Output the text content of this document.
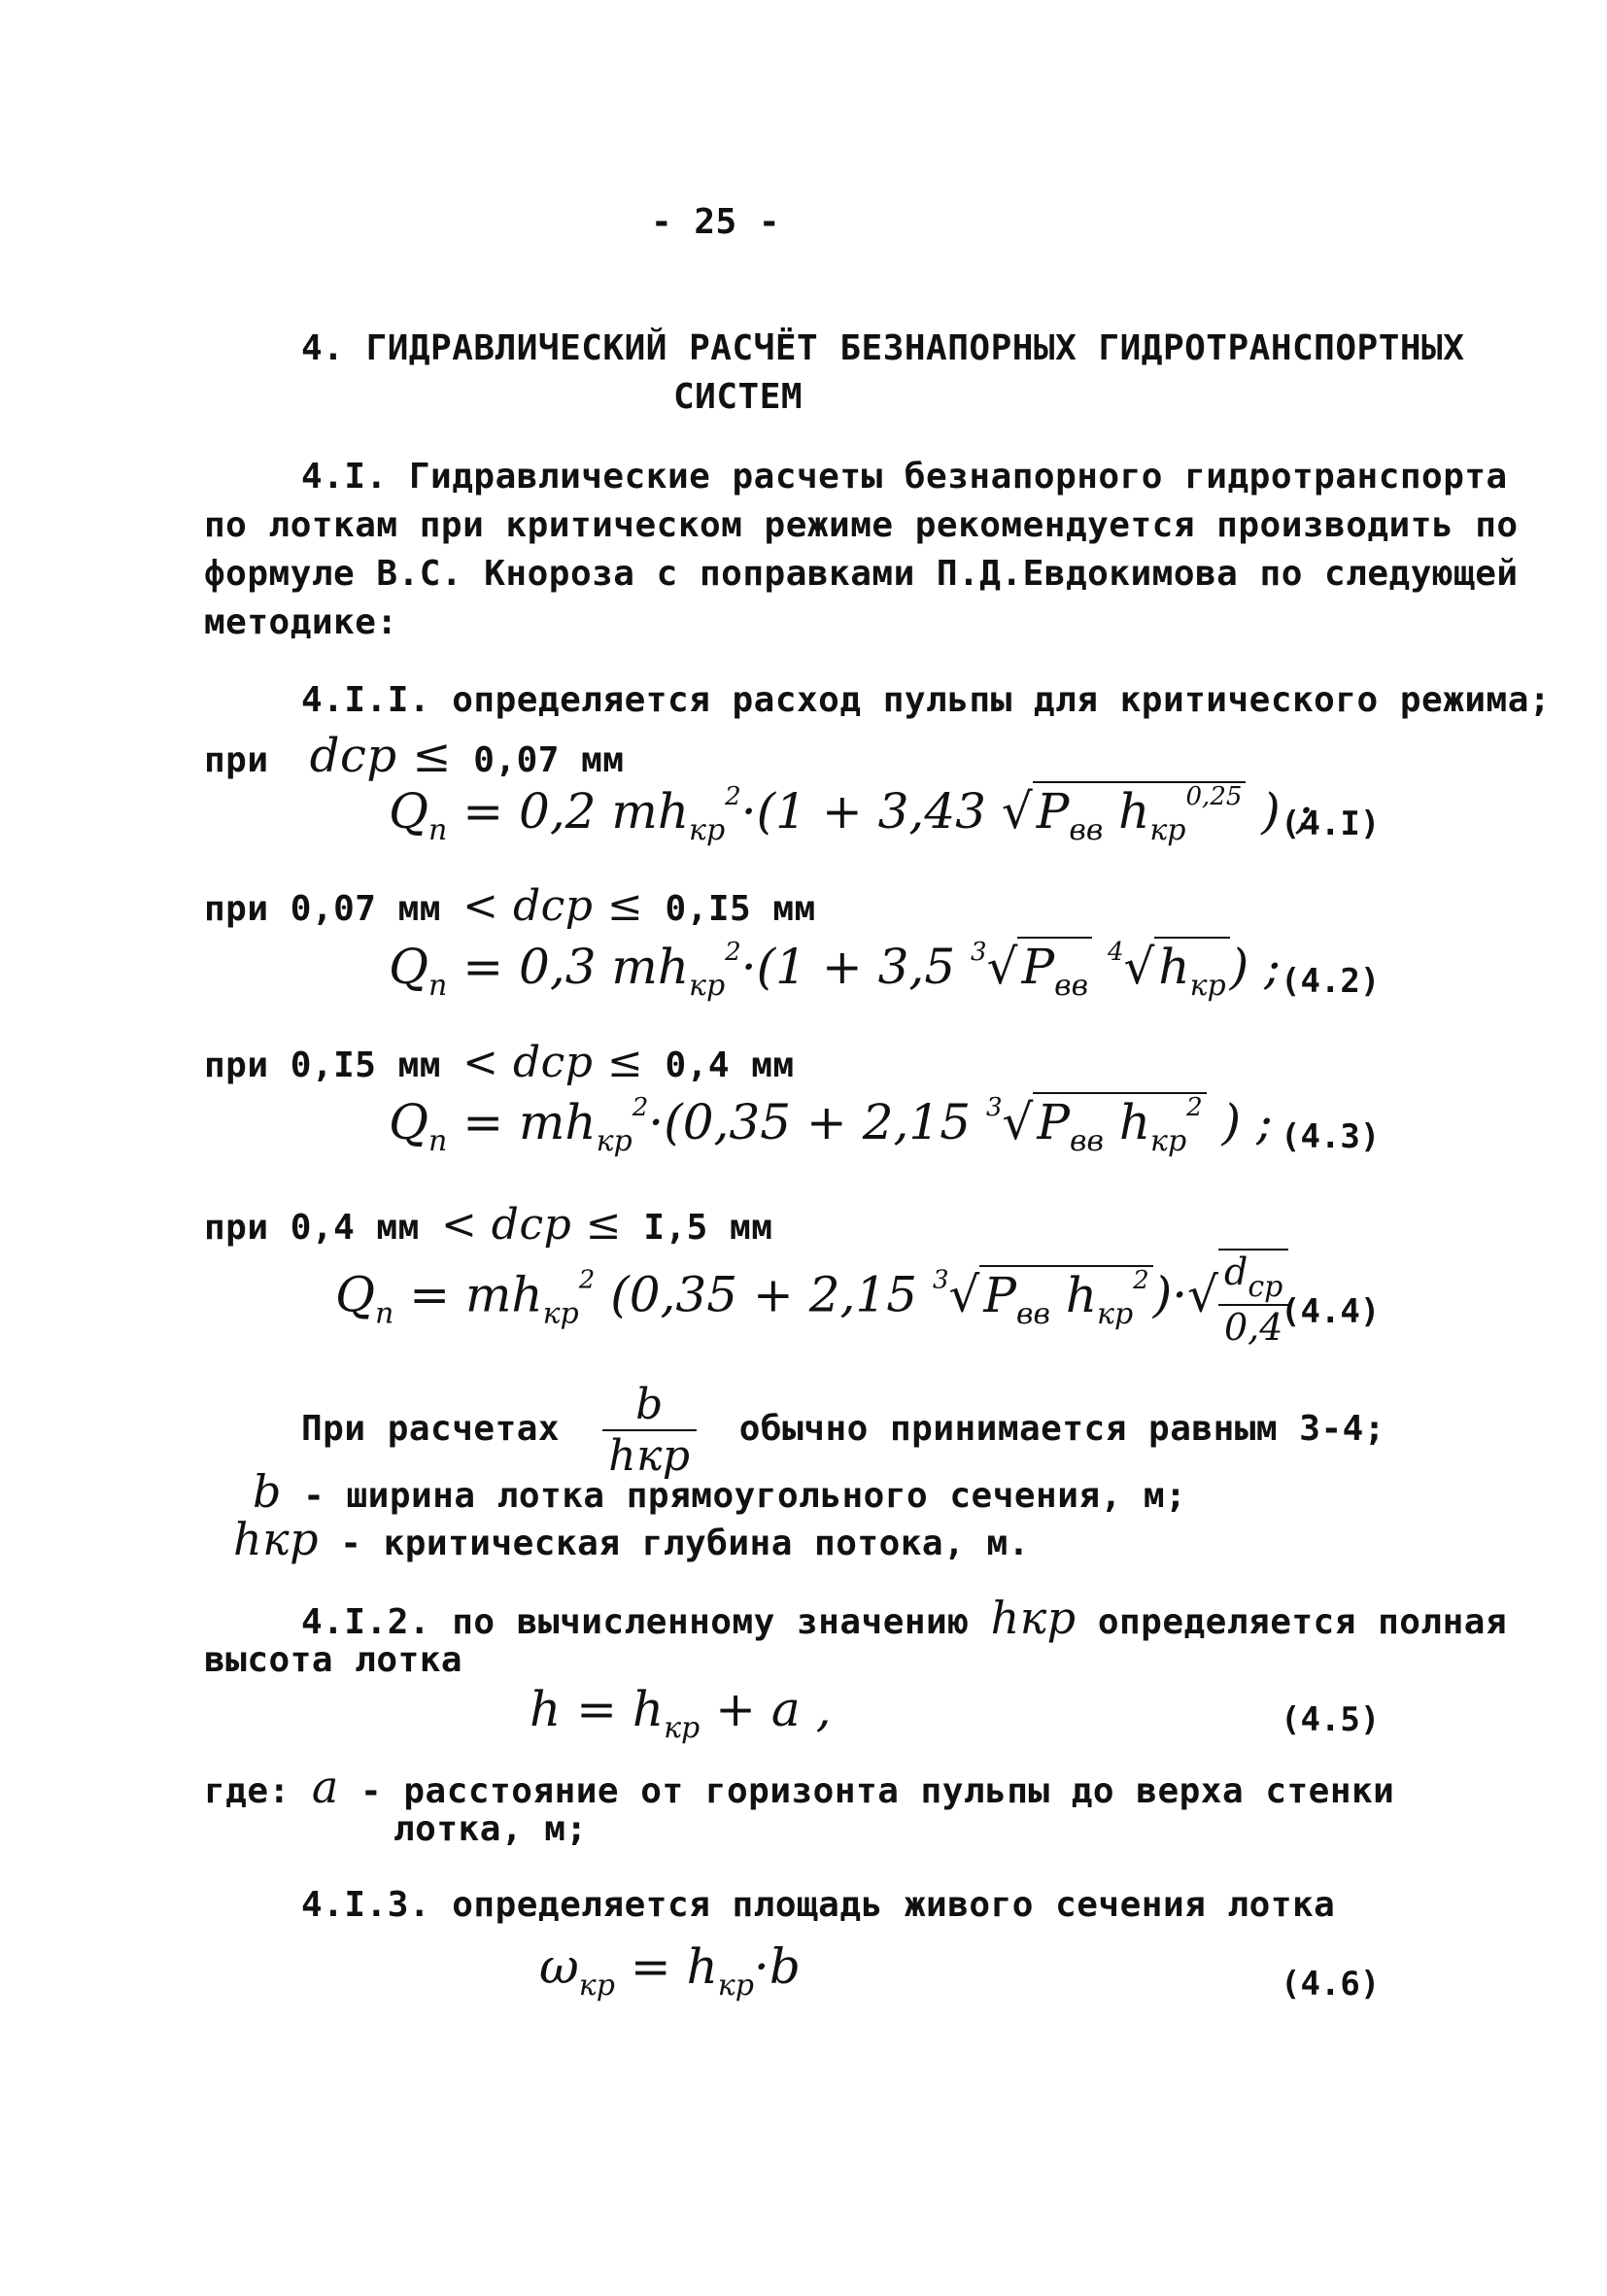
- 25 -
4. ГИДРАВЛИЧЕСКИЙ РАСЧЁТ БЕЗНАПОРНЫХ ГИДРОТРАНСПОРТНЫХ
СИСТЕМ
4.I. Гидравлические расчеты безнапорного гидротранспорта
по лоткам при критическом режиме рекомендуется производить по
формуле В.С. Кнороза с поправками П.Д.Евдокимова по следующей
методике:
4.I.I. определяется расход пульпы для критического режима;
при dср ≤ 0,07 мм
$Q_п = 0,2$ $mh_{кр}^2\cdot(1 + 3,43$ $√P_{вв}$ $h_{кр}^{0,25}$ ) ;
(4.I)
при 0,07 мм < dср ≤ 0,I5 мм
$Q_п = 0,3$ $mh_{кр}^2\cdot(1 + 3,5$ $^3√P_{вв}$ $^4√h_{кр}$) ; (4.2)
при 0,I5 мм < dср ≤ 0,4 мм
$Q_п = mh_{кр}^2\cdot(0,35 + 2,15$ $^3√P_{вв}$ $h_{кр}^2$ ) ; (4.3)
при 0,4 мм < dср ≤ I,5 мм
$Q_п = mh_{кр}^2$ (0,35 + 2,15 $^3√P_{вв}$ $h_{кр}^2)\cdot√ \frac{d_{ср}}{0,4}$
(4.4)
При расчетах $\frac{b}{\text{hкр}}$ обычно принимается равным 3-4;
b - ширина лотка прямоугольного сечения, м;
hкр - критическая глубина потока, м.
4.I.2. по вычисленному значению hкр определяется полная
высота лотка
$h = h_{кр} + a$ ,	(4.5)
где: a - расстояние от горизонта пульпы до верха стенки
лотка, м;
4.I.3. определяется площадь живого сечения лотка
$\omega_{кр} = h_{кр}\cdot b$	(4.6)
